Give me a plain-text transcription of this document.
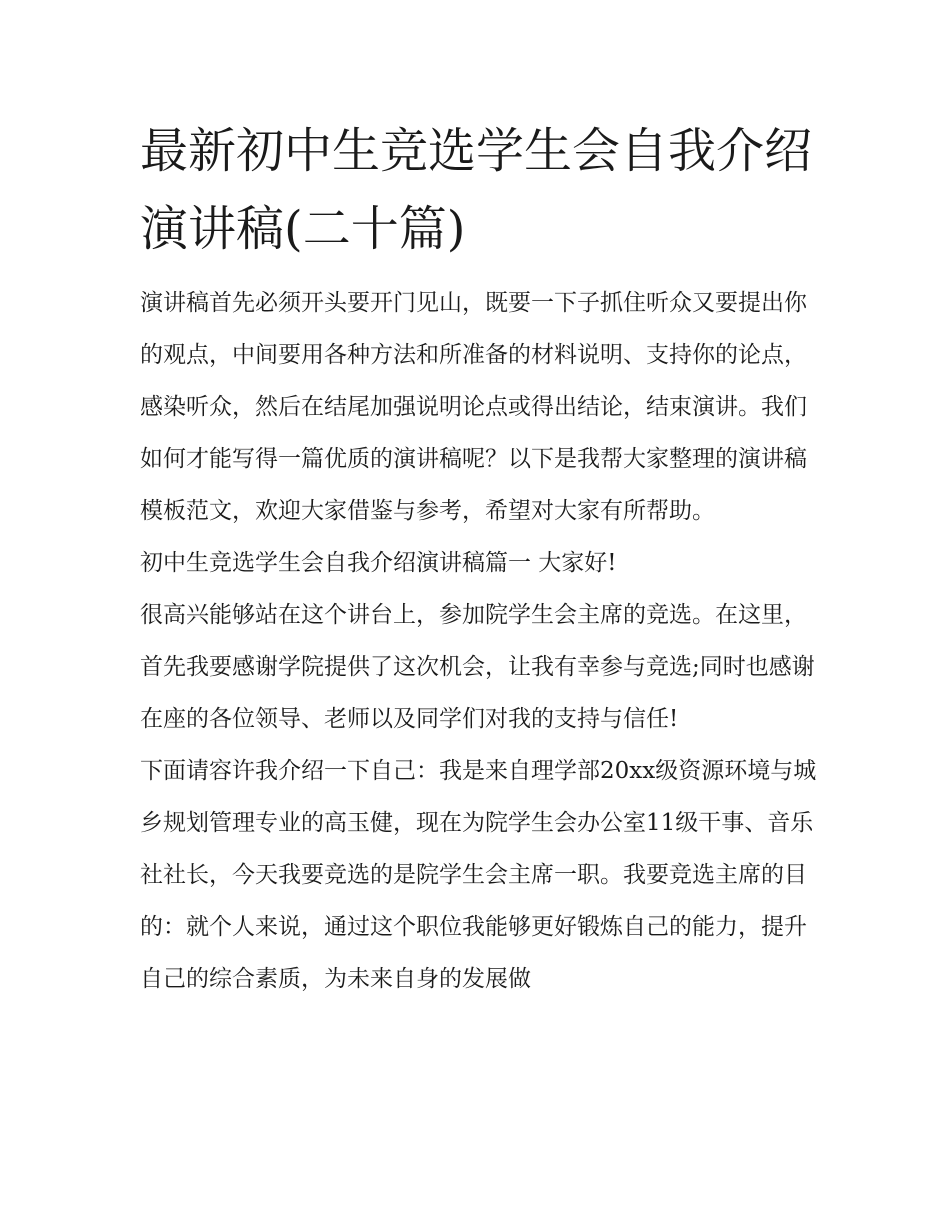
最新初中生竞选学生会自我介绍演讲稿(二十篇)

演讲稿首先必须开头要开门见山，既要一下子抓住听众又要提出你的观点，中间要用各种方法和所准备的材料说明、支持你的论点，感染听众，然后在结尾加强说明论点或得出结论，结束演讲。我们如何才能写得一篇优质的演讲稿呢？以下是我帮大家整理的演讲稿模板范文，欢迎大家借鉴与参考，希望对大家有所帮助。

初中生竞选学生会自我介绍演讲稿篇一 大家好!

很高兴能够站在这个讲台上，参加院学生会主席的竞选。在这里，首先我要感谢学院提供了这次机会，让我有幸参与竞选;同时也感谢在座的各位领导、老师以及同学们对我的支持与信任!

下面请容许我介绍一下自己：我是来自理学部20xx级资源环境与城乡规划管理专业的高玉健，现在为院学生会办公室11级干事、音乐社社长，今天我要竞选的是院学生会主席一职。我要竞选主席的目的：就个人来说，通过这个职位我能够更好锻炼自己的能力，提升自己的综合素质，为未来自身的发展做
